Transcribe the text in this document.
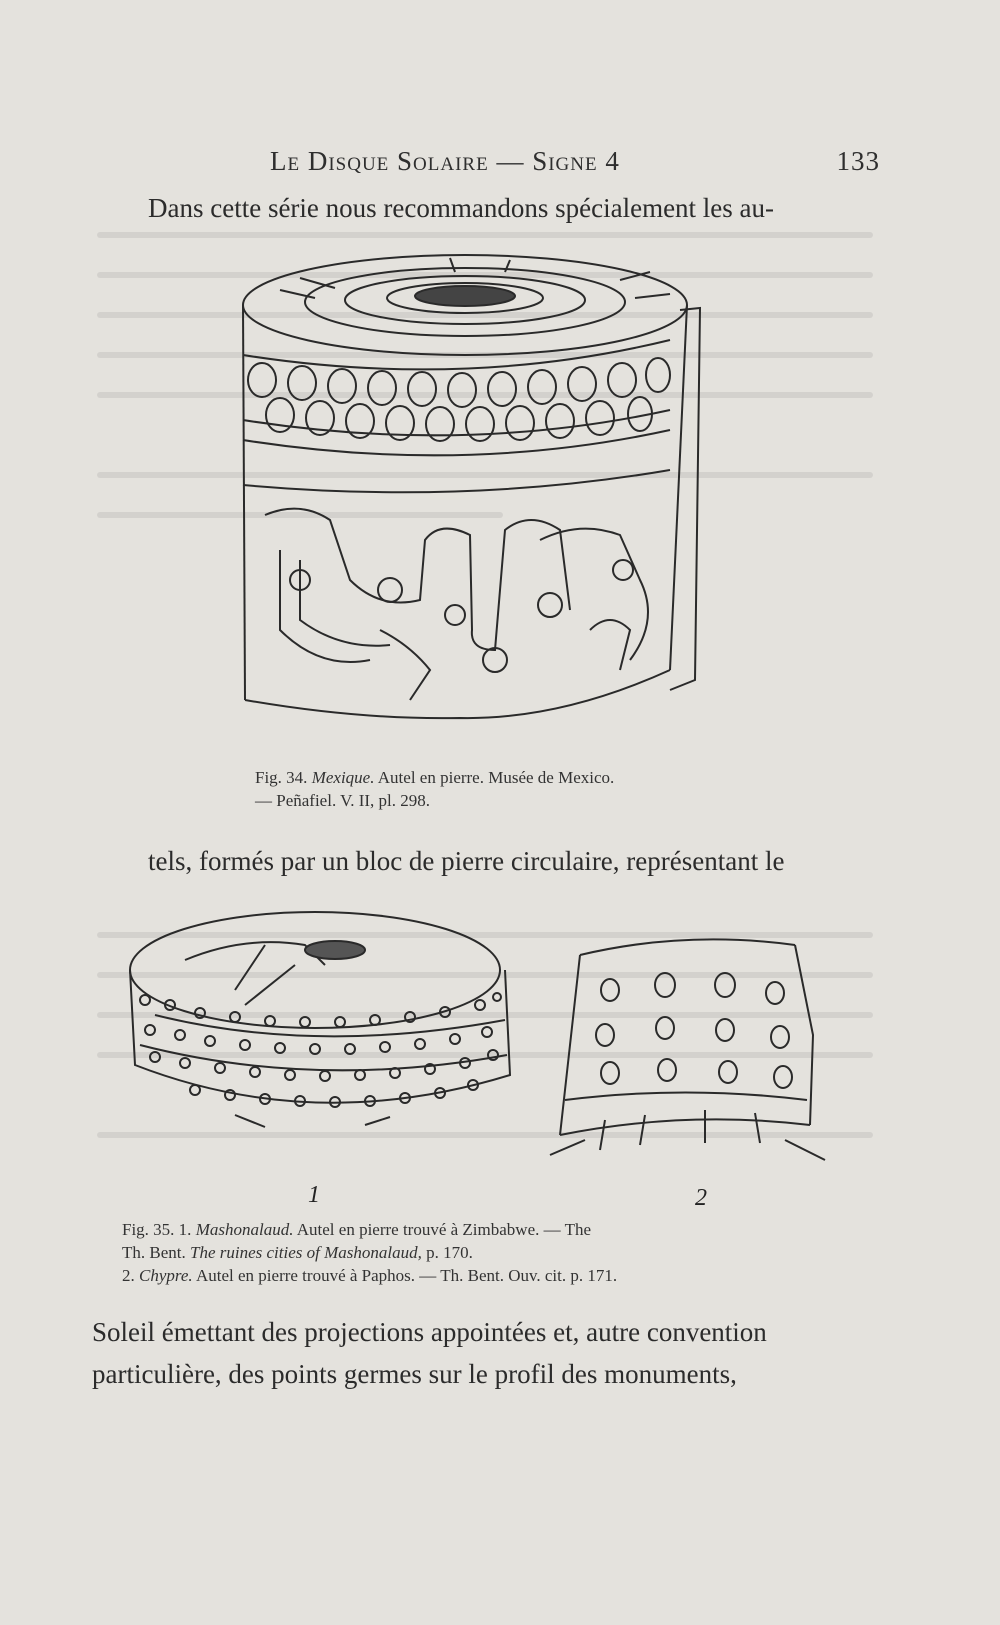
Le Disque Solaire — Signe 4	133
Dans cette série nous recommandons spécialement les au-
Fig. 34. Mexique. Autel en pierre. Musée de Mexico.
— Peñafiel. V. II, pl. 298.
tels, formés par un bloc de pierre circulaire, représentant le
1	2
Fig. 35. 1. Mashonalaud. Autel en pierre trouvé à Zimbabwe. — The
Th. Bent. The ruines cities of Mashonalaud, p. 170.
2. Chypre. Autel en pierre trouvé à Paphos. — Th. Bent. Ouv. cit. p. 171.
Soleil émettant des projections appointées et, autre convention
particulière, des points germes sur le profil des monuments,
